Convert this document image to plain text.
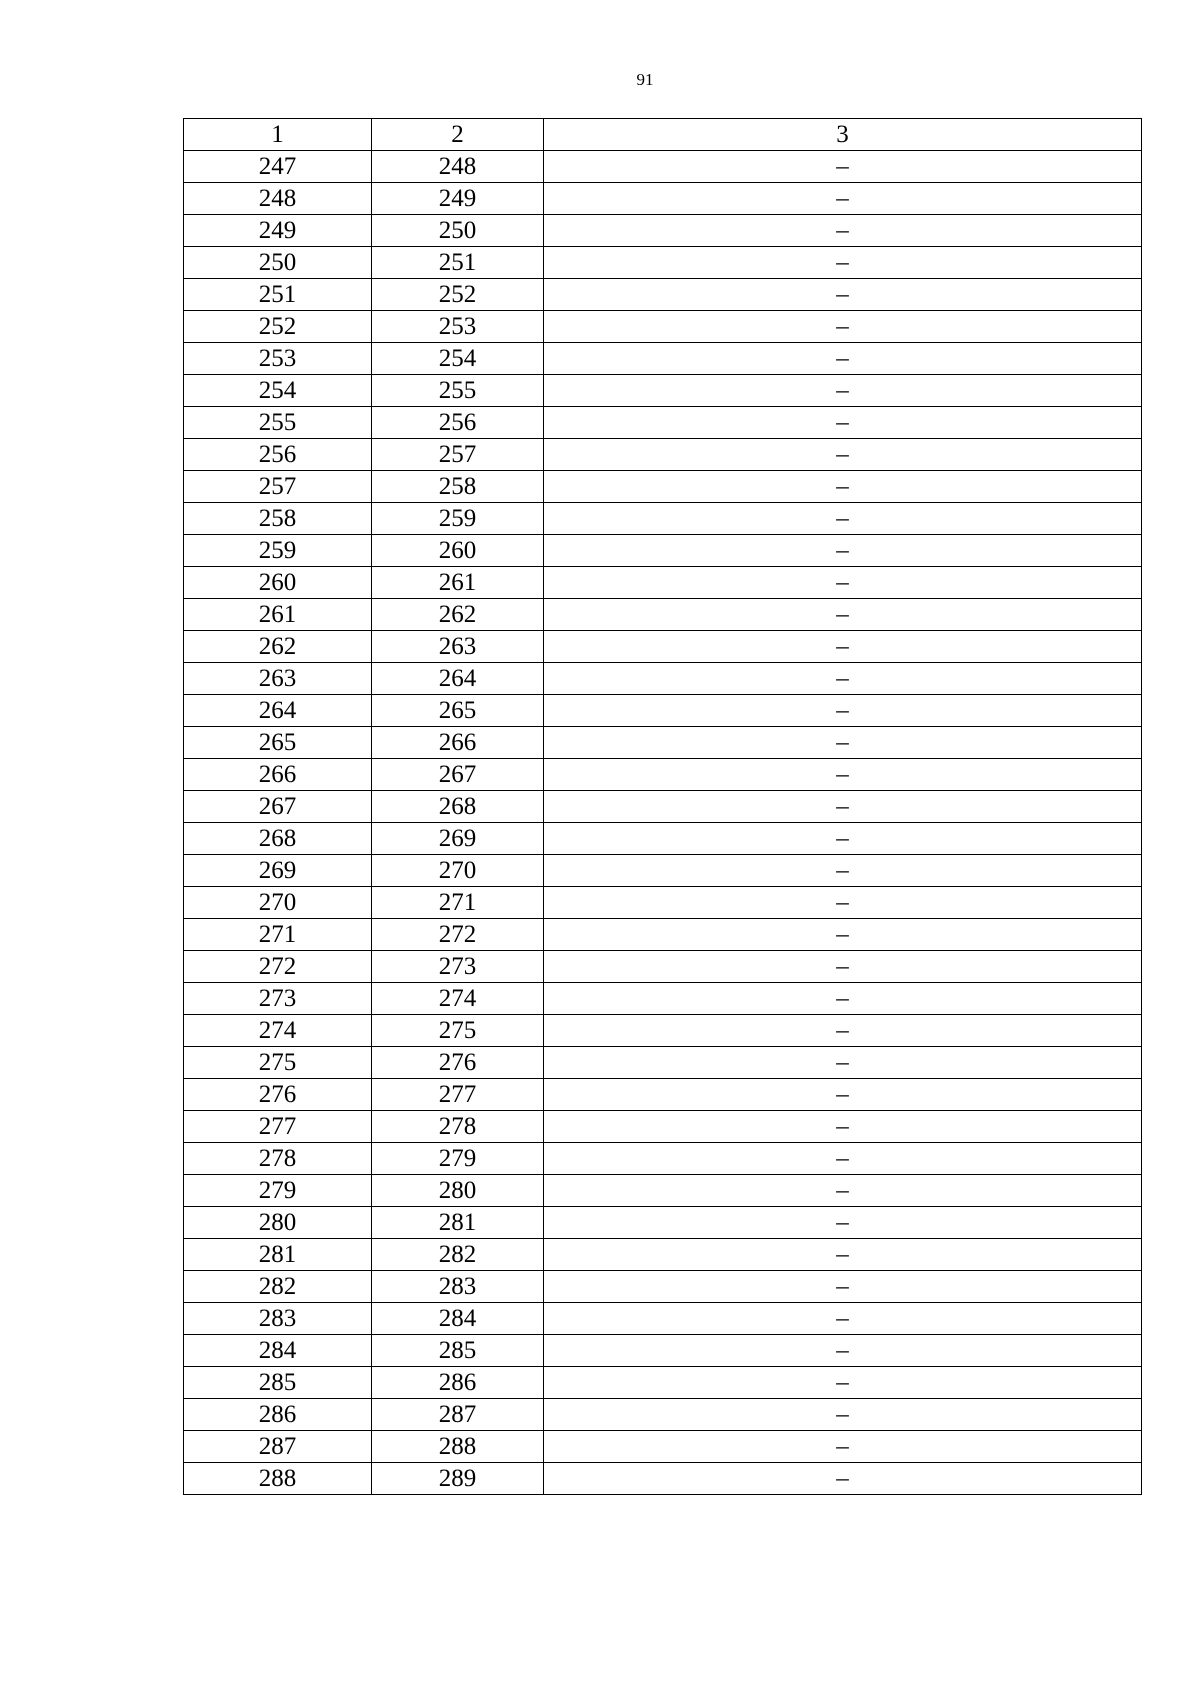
91
1	2	3
247	248	–
248	249	–
249	250	–
250	251	–
251	252	–
252	253	–
253	254	–
254	255	–
255	256	–
256	257	–
257	258	–
258	259	–
259	260	–
260	261	–
261	262	–
262	263	–
263	264	–
264	265	–
265	266	–
266	267	–
267	268	–
268	269	–
269	270	–
270	271	–
271	272	–
272	273	–
273	274	–
274	275	–
275	276	–
276	277	–
277	278	–
278	279	–
279	280	–
280	281	–
281	282	–
282	283	–
283	284	–
284	285	–
285	286	–
286	287	–
287	288	–
288	289	–
